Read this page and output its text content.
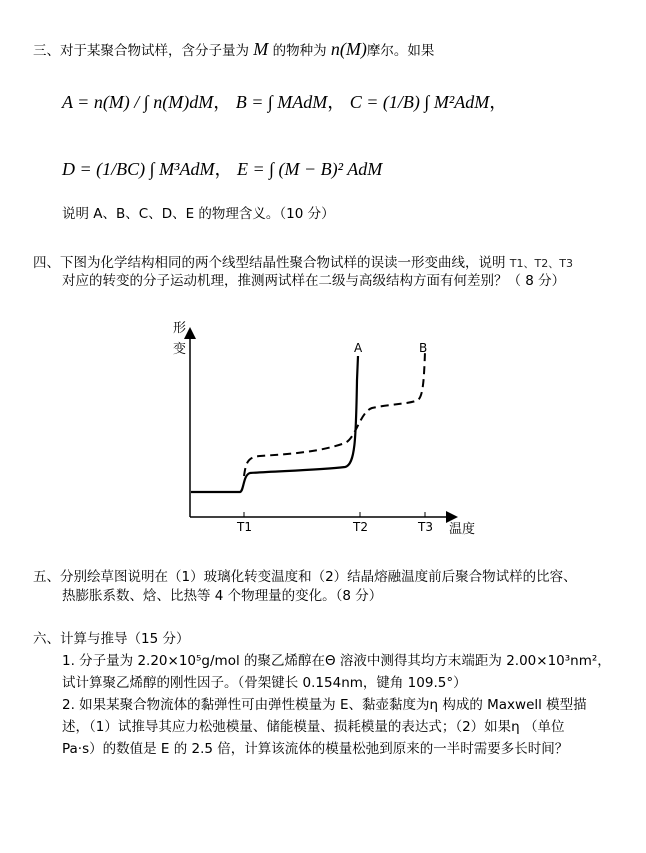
三、对于某聚合物试样，含分子量为 M 的物种为 n(M)摩尔。如果
A = n(M) / ∫ n(M)dM， B = ∫ MAdM， C = (1/B) ∫ M²AdM，
D = (1/BC) ∫ M³AdM， E = ∫ (M − B)² AdM
说明 A、B、C、D、E 的物理含义。（10 分）
四、下图为化学结构相同的两个线型结晶性聚合物试样的误读一形变曲线，说明 T1、T2、T3
对应的转变的分子运动机理，推测两试样在二级与高级结构方面有何差别？（ 8 分）
形
变	A	B
T1	T2	T3 温度
五、分别绘草图说明在（1）玻璃化转变温度和（2）结晶熔融温度前后聚合物试样的比容、
热膨胀系数、焓、比热等 4 个物理量的变化。（8 分）
六、计算与推导（15 分）
1. 分子量为 2.20×10⁵g/mol 的聚乙烯醇在Θ 溶液中测得其均方末端距为 2.00×10³nm²，
试计算聚乙烯醇的刚性因子。（骨架键长 0.154nm，键角 109.5°）
2. 如果某聚合物流体的黏弹性可由弹性模量为 E、黏壶黏度为η 构成的 Maxwell 模型描
述，（1）试推导其应力松弛模量、储能模量、损耗模量的表达式；（2）如果η （单位
Pa·s）的数值是 E 的 2.5 倍，计算该流体的模量松弛到原来的一半时需要多长时间？
